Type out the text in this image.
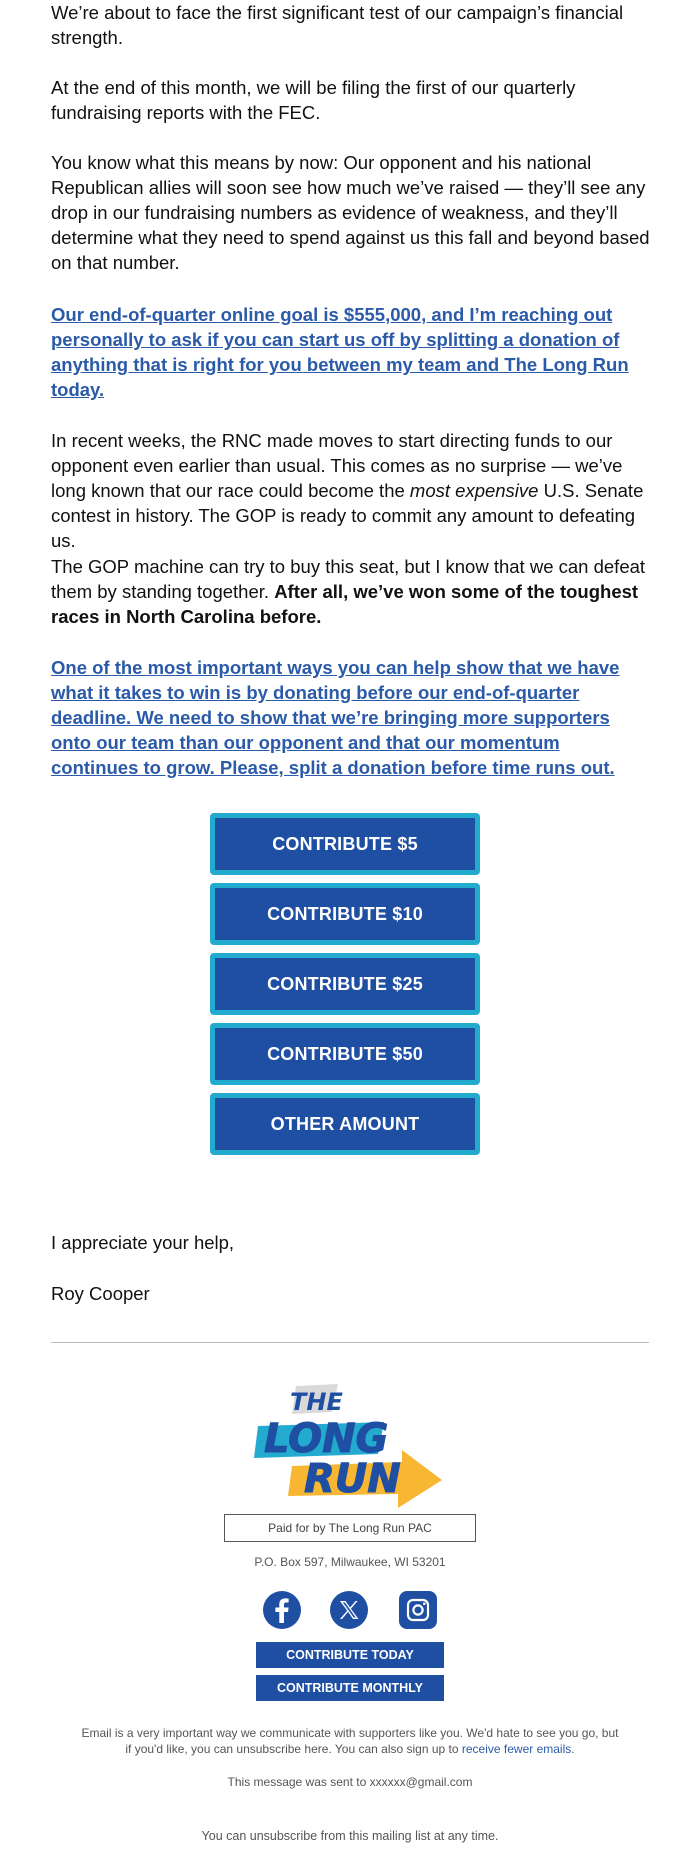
We’re about to face the first significant test of our campaign’s financial strength.

At the end of this month, we will be filing the first of our quarterly fundraising reports with the FEC.

You know what this means by now: Our opponent and his national Republican allies will soon see how much we’ve raised — they’ll see any drop in our fundraising numbers as evidence of weakness, and they’ll determine what they need to spend against us this fall and beyond based on that number.

Our end-of-quarter online goal is $555,000, and I’m reaching out personally to ask if you can start us off by splitting a donation of anything that is right for you between my team and The Long Run today.

In recent weeks, the RNC made moves to start directing funds to our opponent even earlier than usual. This comes as no surprise — we’ve long known that our race could become the most expensive U.S. Senate contest in history. The GOP is ready to commit any amount to defeating us.

The GOP machine can try to buy this seat, but I know that we can defeat them by standing together. After all, we’ve won some of the toughest races in North Carolina before.

One of the most important ways you can help show that we have what it takes to win is by donating before our end-of-quarter deadline. We need to show that we’re bringing more supporters onto our team than our opponent and that our momentum continues to grow. Please, split a donation before time runs out.

I appreciate your help,

Roy Cooper

CONTRIBUTE $5
CONTRIBUTE $10
CONTRIBUTE $25
CONTRIBUTE $50
OTHER AMOUNT
THE
LONG
RUN
Paid for by The Long Run PAC
P.O. Box 597, Milwaukee, WI 53201
CONTRIBUTE TODAY
CONTRIBUTE MONTHLY
Email is a very important way we communicate with supporters like you. We'd hate to see you go, but if you'd like, you can unsubscribe here. You can also sign up to receive fewer emails.
This message was sent to xxxxxx@gmail.com
You can unsubscribe from this mailing list at any time.
